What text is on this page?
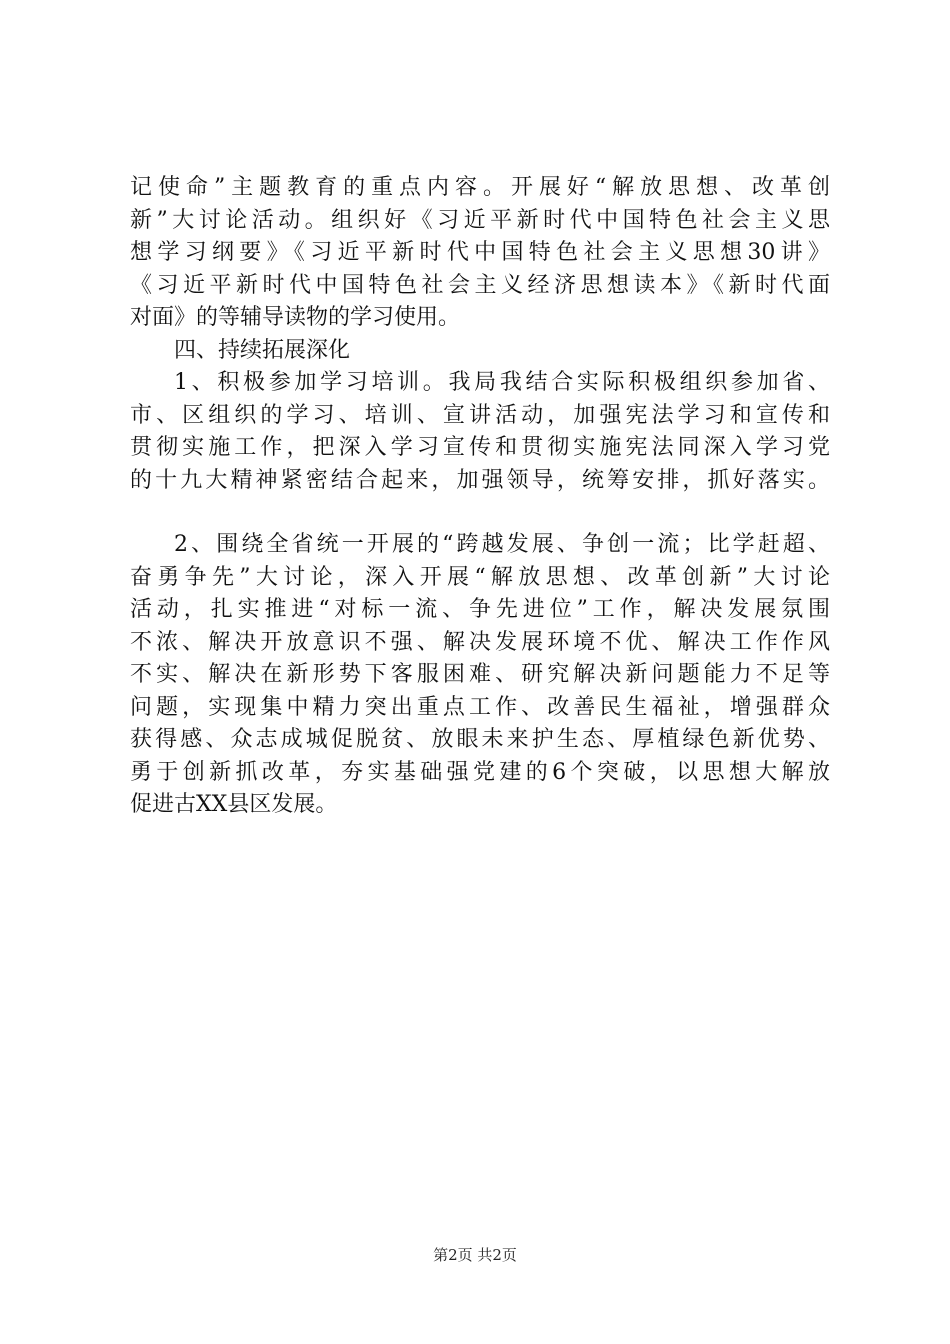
记使命”主题教育的重点内容。开展好“解放思想、改革创
新”大讨论活动。组织好《习近平新时代中国特色社会主义思
想学习纲要》《习近平新时代中国特色社会主义思想30讲》
《习近平新时代中国特色社会主义经济思想读本》《新时代面
对面》的等辅导读物的学习使用。
四、持续拓展深化
1、积极参加学习培训。我局我结合实际积极组织参加省、
市、区组织的学习、培训、宣讲活动，加强宪法学习和宣传和
贯彻实施工作，把深入学习宣传和贯彻实施宪法同深入学习党
的十九大精神紧密结合起来，加强领导，统筹安排，抓好落实。
2、围绕全省统一开展的“跨越发展、争创一流；比学赶超、
奋勇争先”大讨论，深入开展“解放思想、改革创新”大讨论
活动，扎实推进“对标一流、争先进位”工作，解决发展氛围
不浓、解决开放意识不强、解决发展环境不优、解决工作作风
不实、解决在新形势下客服困难、研究解决新问题能力不足等
问题，实现集中精力突出重点工作、改善民生福祉，增强群众
获得感、众志成城促脱贫、放眼未来护生态、厚植绿色新优势、
勇于创新抓改革，夯实基础强党建的6个突破，以思想大解放
促进古XX县区发展。
第2页 共2页
